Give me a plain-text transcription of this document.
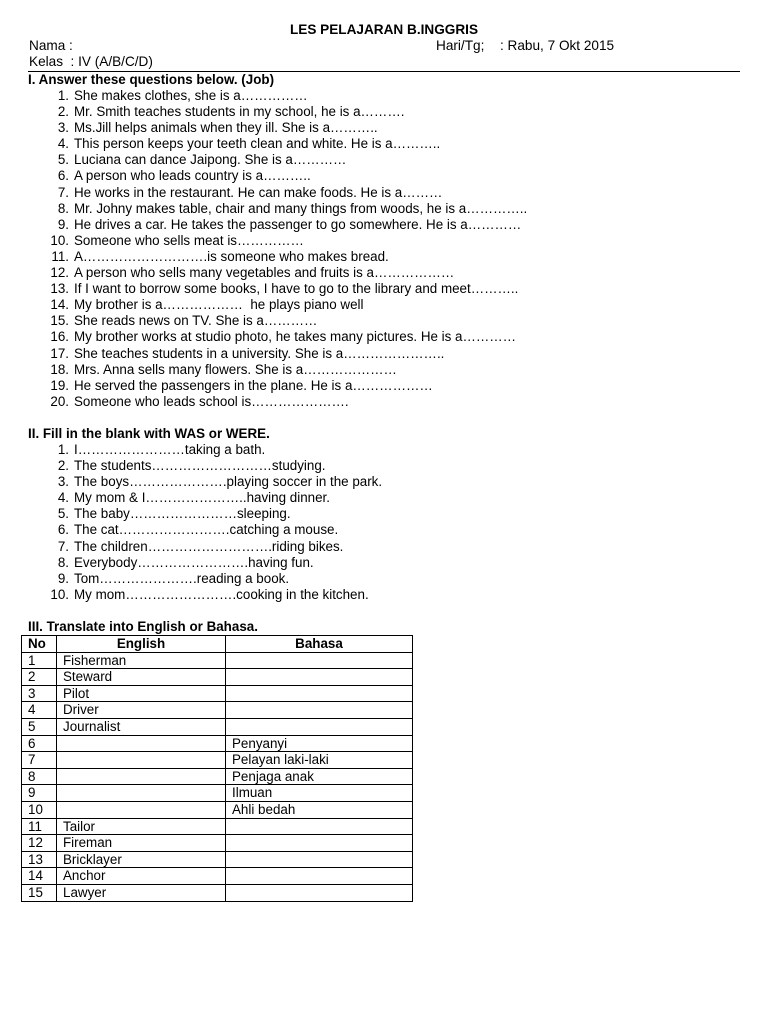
LES PELAJARAN B.INGGRIS
Nama :	Hari/Tg; : Rabu, 7 Okt 2015
Kelas  : IV (A/B/C/D)
I. Answer these questions below. (Job)
1. She makes clothes, she is a……………
2. Mr. Smith teaches students in my school, he is a……….
3. Ms.Jill helps animals when they ill. She is a………..
4. This person keeps your teeth clean and white. He is a………..
5. Luciana can dance Jaipong. She is a…………
6. A person who leads country is a………..
7. He works in the restaurant. He can make foods. He is a………
8. Mr. Johny makes table, chair and many things from woods, he is a…………..
9. He drives a car. He takes the passenger to go somewhere. He is a…………
10. Someone who sells meat is……………
11. A……………………….is someone who makes bread.
12. A person who sells many vegetables and fruits is a………………
13. If I want to borrow some books, I have to go to the library and meet………..
14. My brother is a………………  he plays piano well
15. She reads news on TV. She is a…………
16. My brother works at studio photo, he takes many pictures. He is a…………
17. She teaches students in a university. She is a…………………..
18. Mrs. Anna sells many flowers. She is a…………………
19. He served the passengers in the plane. He is a………………
20. Someone who leads school is………………….
II. Fill in the blank with WAS or WERE.
1. I……………………taking a bath.
2. The students………………………studying.
3. The boys………………….playing soccer in the park.
4. My mom & I…………………..having dinner.
5. The baby……………………sleeping.
6. The cat…………………….catching a mouse.
7. The children……………………….riding bikes.
8. Everybody…………………….having fun.
9. Tom………………….reading a book.
10. My mom…………………….cooking in the kitchen.
III. Translate into English or Bahasa.
No	English	Bahasa
1	Fisherman	
2	Steward	
3	Pilot	
4	Driver	
5	Journalist	
6		Penyanyi
7		Pelayan laki-laki
8		Penjaga anak
9		Ilmuan
10		Ahli bedah
11	Tailor	
12	Fireman	
13	Bricklayer	
14	Anchor	
15	Lawyer	
